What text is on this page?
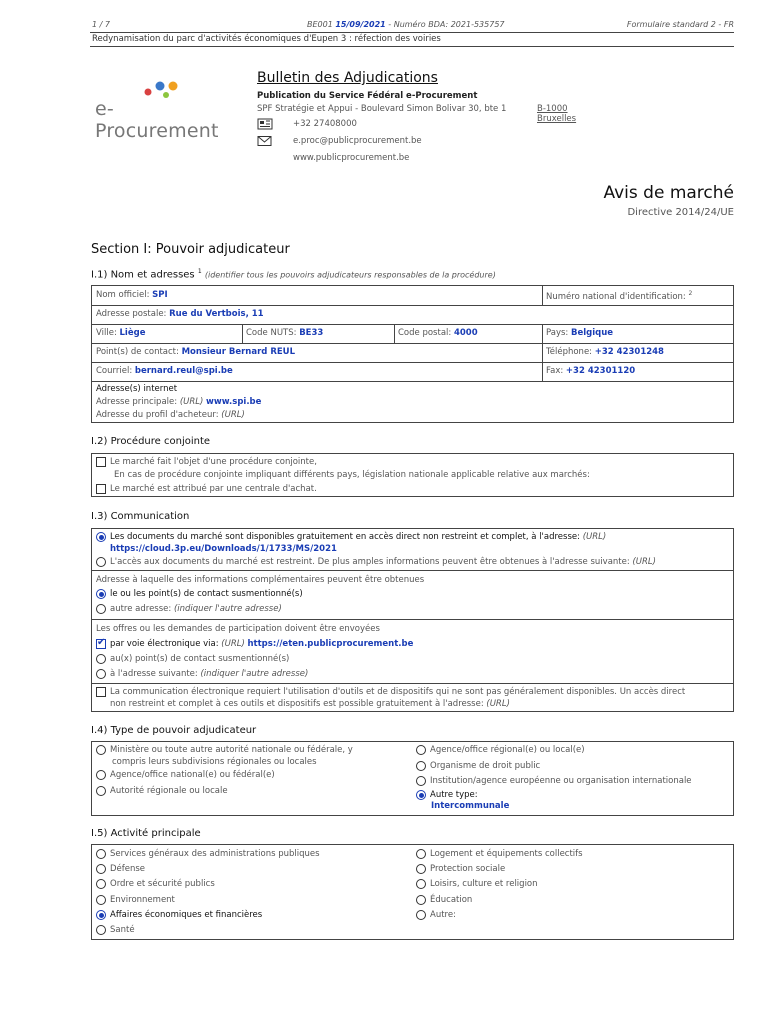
1 / 7	BE001 15/09/2021 - Numéro BDA: 2021-535757	Formulaire standard 2 - FR
Redynamisation du parc d'activités économiques d'Eupen 3 : réfection des voiries
e-Procurement
Bulletin des Adjudications
Publication du Service Fédéral e-Procurement
SPF Stratégie et Appui - Boulevard Simon Bolivar 30, bte 1	B-1000 Bruxelles
+32 27408000
e.proc@publicprocurement.be
www.publicprocurement.be
Avis de marché
Directive 2014/24/UE
Section I: Pouvoir adjudicateur
I.1) Nom et adresses $^1$ (identifier tous les pouvoirs adjudicateurs responsables de la procédure)
Nom officiel: SPI	Numéro national d'identification: $^2$
Adresse postale: Rue du Vertbois, 11
Ville: Liège	Code NUTS: BE33	Code postal: 4000	Pays: Belgique
Point(s) de contact: Monsieur Bernard REUL	Téléphone: +32 42301248
Courriel: bernard.reul@spi.be	Fax: +32 42301120
Adresse(s) internet
Adresse principale: (URL) www.spi.be
Adresse du profil d'acheteur: (URL)
I.2) Procédure conjointe
Le marché fait l'objet d'une procédure conjointe,
En cas de procédure conjointe impliquant différents pays, législation nationale applicable relative aux marchés:
Le marché est attribué par une centrale d'achat.
I.3) Communication
Les documents du marché sont disponibles gratuitement en accès direct non restreint et complet, à l'adresse: (URL)
https://cloud.3p.eu/Downloads/1/1733/MS/2021
L'accès aux documents du marché est restreint. De plus amples informations peuvent être obtenues à l'adresse suivante: (URL)
Adresse à laquelle des informations complémentaires peuvent être obtenues
le ou les point(s) de contact susmentionné(s)
autre adresse: (indiquer l'autre adresse)
Les offres ou les demandes de participation doivent être envoyées
✔
par voie électronique via: (URL) https://eten.publicprocurement.be
au(x) point(s) de contact susmentionné(s)
à l'adresse suivante: (indiquer l'autre adresse)
La communication électronique requiert l'utilisation d'outils et de dispositifs qui ne sont pas généralement disponibles. Un accès direct
non restreint et complet à ces outils et dispositifs est possible gratuitement à l'adresse: (URL)
I.4) Type de pouvoir adjudicateur
Ministère ou toute autre autorité nationale ou fédérale, y
compris leurs subdivisions régionales ou locales
Agence/office national(e) ou fédéral(e)
Autorité régionale ou locale
Agence/office régional(e) ou local(e)
Organisme de droit public
Institution/agence européenne ou organisation internationale
Autre type:
Intercommunale
I.5) Activité principale
Services généraux des administrations publiques
Défense
Ordre et sécurité publics
Environnement
Affaires économiques et financières
Santé
Logement et équipements collectifs
Protection sociale
Loisirs, culture et religion
Éducation
Autre:
